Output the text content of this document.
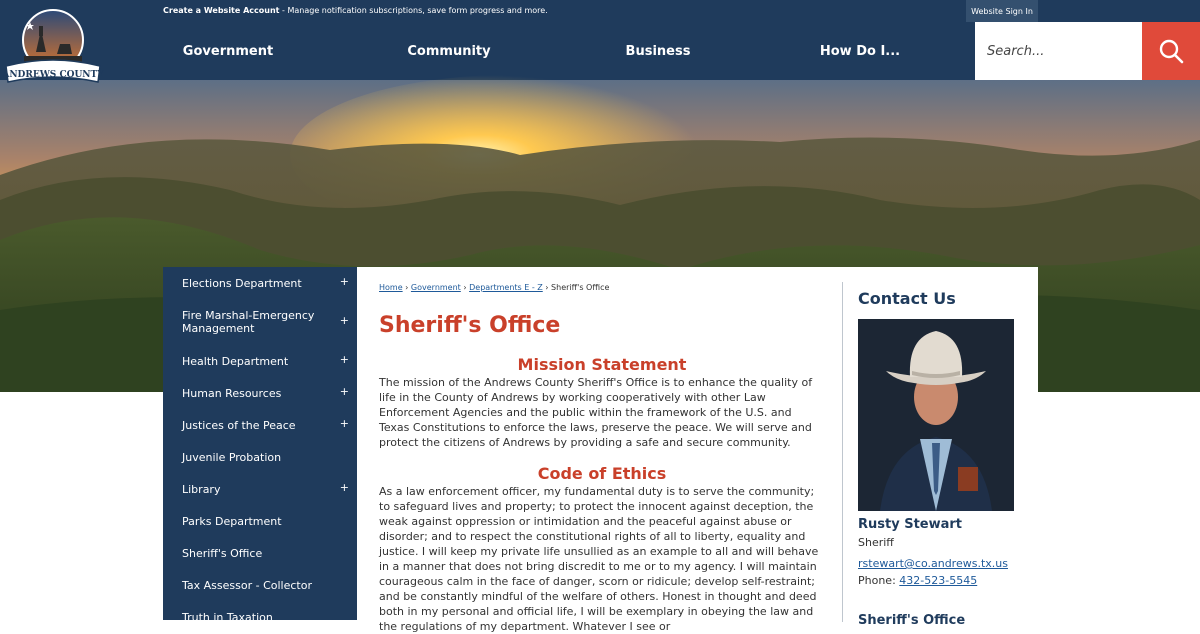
Create a Website Account - Manage notification subscriptions, save form progress and more.	Website Sign In
Government	Community	Business	How Do I...
Search...
ANDREWS COUNTY
Elections Department	+
Fire Marshal-Emergency Management
+
Health Department	+
Human Resources	+
Justices of the Peace	+
Juvenile Probation
Library	+
Parks Department
Sheriff's Office
Tax Assessor - Collector
Truth in Taxation
Home › Government › Departments E - Z › Sheriff's Office
Sheriff's Office
Mission Statement

The mission of the Andrews County Sheriff's Office is to enhance the quality of life in the County of Andrews by working cooperatively with other Law Enforcement Agencies and the public within the framework of the U.S. and Texas Constitutions to enforce the laws, preserve the peace. We will serve and protect the citizens of Andrews by providing a safe and secure community.

Code of Ethics

As a law enforcement officer, my fundamental duty is to serve the community; to safeguard lives and property; to protect the innocent against deception, the weak against oppression or intimidation and the peaceful against abuse or disorder; and to respect the constitutional rights of all to liberty, equality and justice. I will keep my private life unsullied as an example to all and will behave in a manner that does not bring discredit to me or to my agency. I will maintain courageous calm in the face of danger, scorn or ridicule; develop self-restraint; and be constantly mindful of the welfare of others. Honest in thought and deed both in my personal and official life, I will be exemplary in obeying the law and the regulations of my department. Whatever I see or

Contact Us
Rusty Stewart
Sheriff
rstewart@co.andrews.tx.us
Phone: 432-523-5545
Sheriff's Office
